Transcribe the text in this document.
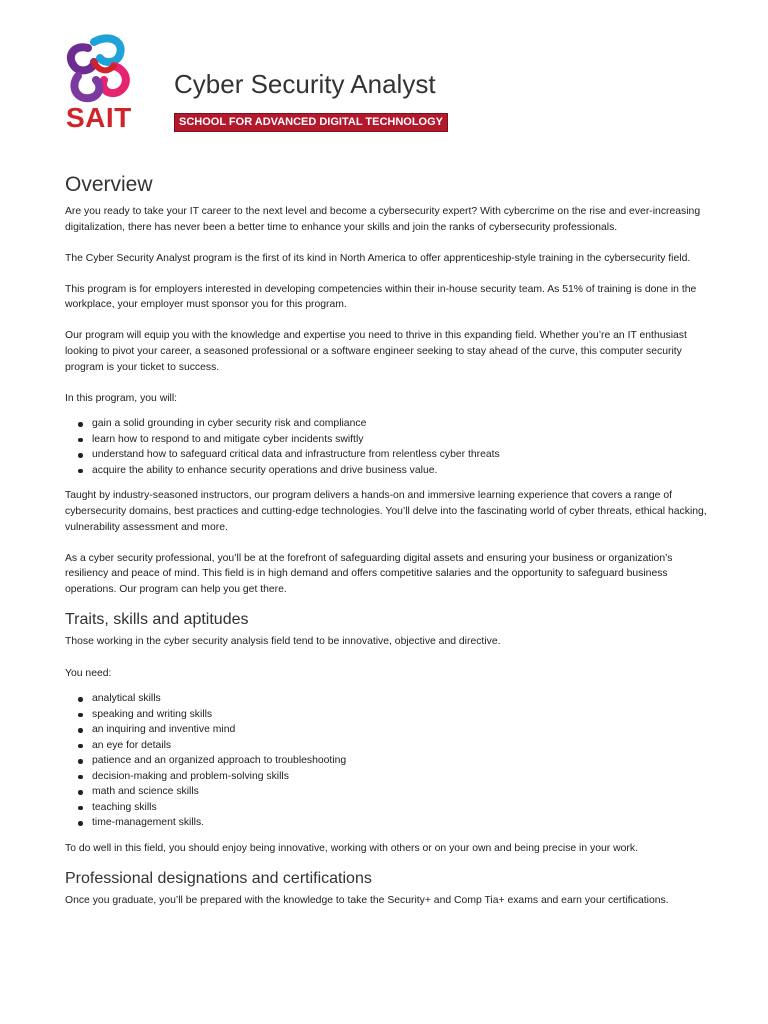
SAIT
Cyber Security Analyst
SCHOOL FOR ADVANCED DIGITAL TECHNOLOGY
Overview

Are you ready to take your IT career to the next level and become a cybersecurity expert? With cybercrime on the rise and ever-increasing digitalization, there has never been a better time to enhance your skills and join the ranks of cybersecurity professionals.

The Cyber Security Analyst program is the first of its kind in North America to offer apprenticeship-style training in the cybersecurity field.

This program is for employers interested in developing competencies within their in-house security team. As 51% of training is done in the workplace, your employer must sponsor you for this program.

Our program will equip you with the knowledge and expertise you need to thrive in this expanding field. Whether you’re an IT enthusiast looking to pivot your career, a seasoned professional or a software engineer seeking to stay ahead of the curve, this computer security program is your ticket to success.

In this program, you will:

gain a solid grounding in cyber security risk and compliance
learn how to respond to and mitigate cyber incidents swiftly
understand how to safeguard critical data and infrastructure from relentless cyber threats
acquire the ability to enhance security operations and drive business value.

Taught by industry-seasoned instructors, our program delivers a hands-on and immersive learning experience that covers a range of cybersecurity domains, best practices and cutting-edge technologies. You’ll delve into the fascinating world of cyber threats, ethical hacking, vulnerability assessment and more.

As a cyber security professional, you’ll be at the forefront of safeguarding digital assets and ensuring your business or organization’s resiliency and peace of mind. This field is in high demand and offers competitive salaries and the opportunity to safeguard business operations. Our program can help you get there.

Traits, skills and aptitudes

Those working in the cyber security analysis field tend to be innovative, objective and directive.

You need:

analytical skills
speaking and writing skills
an inquiring and inventive mind
an eye for details
patience and an organized approach to troubleshooting
decision-making and problem-solving skills
math and science skills
teaching skills
time-management skills.

To do well in this field, you should enjoy being innovative, working with others or on your own and being precise in your work.

Professional designations and certifications

Once you graduate, you’ll be prepared with the knowledge to take the Security+ and Comp Tia+ exams and earn your certifications.
